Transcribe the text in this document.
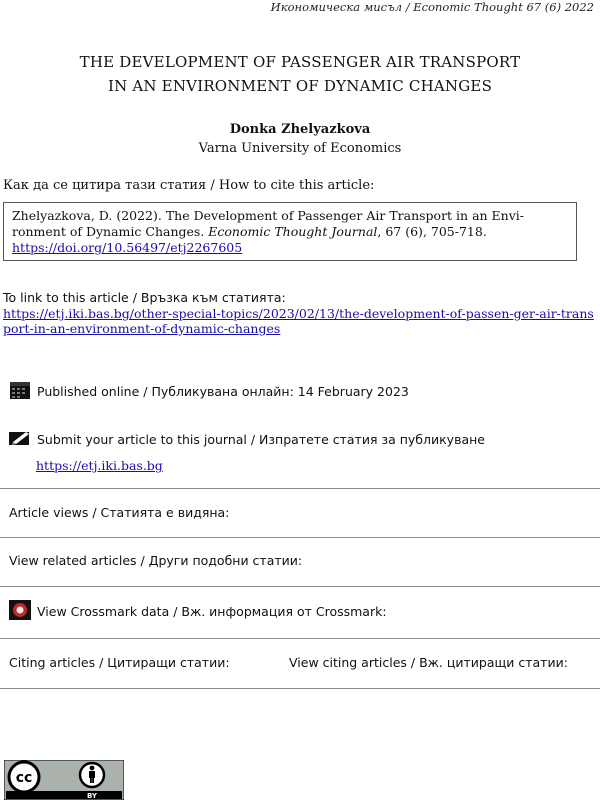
Икономическа мисъл / Economic Thought 67 (6) 2022
THE DEVELOPMENT OF PASSENGER AIR TRANSPORT
IN AN ENVIRONMENT OF DYNAMIC CHANGES
Donka Zhelyazkova
Varna University of Economics
Как да се цитира тази статия / How to cite this article:
Zhelyazkova, D. (2022). The Development of Passenger Air Transport in an Envi-
ronment of Dynamic Changes. Economic Thought Journal, 67 (6), 705-718.
https://doi.org/10.56497/etj2267605
To link to this article / Връзка към статията:
https://etj.iki.bas.bg/other-special-topics/2023/02/13/the-development-of-passen-ger-air-transport-in-an-environment-of-dynamic-changes
Published online / Публикувана онлайн: 14 February 2023
Submit your article to this journal / Изпратете статия за публикуване
https://etj.iki.bas.bg
Article views / Статията е видяна:
View related articles / Други подобни статии:
View Crossmark data / Вж. информация от Crossmark:
Citing articles / Цитиращи статии:	View citing articles / Вж. цитиращи статии:
cc
BY
